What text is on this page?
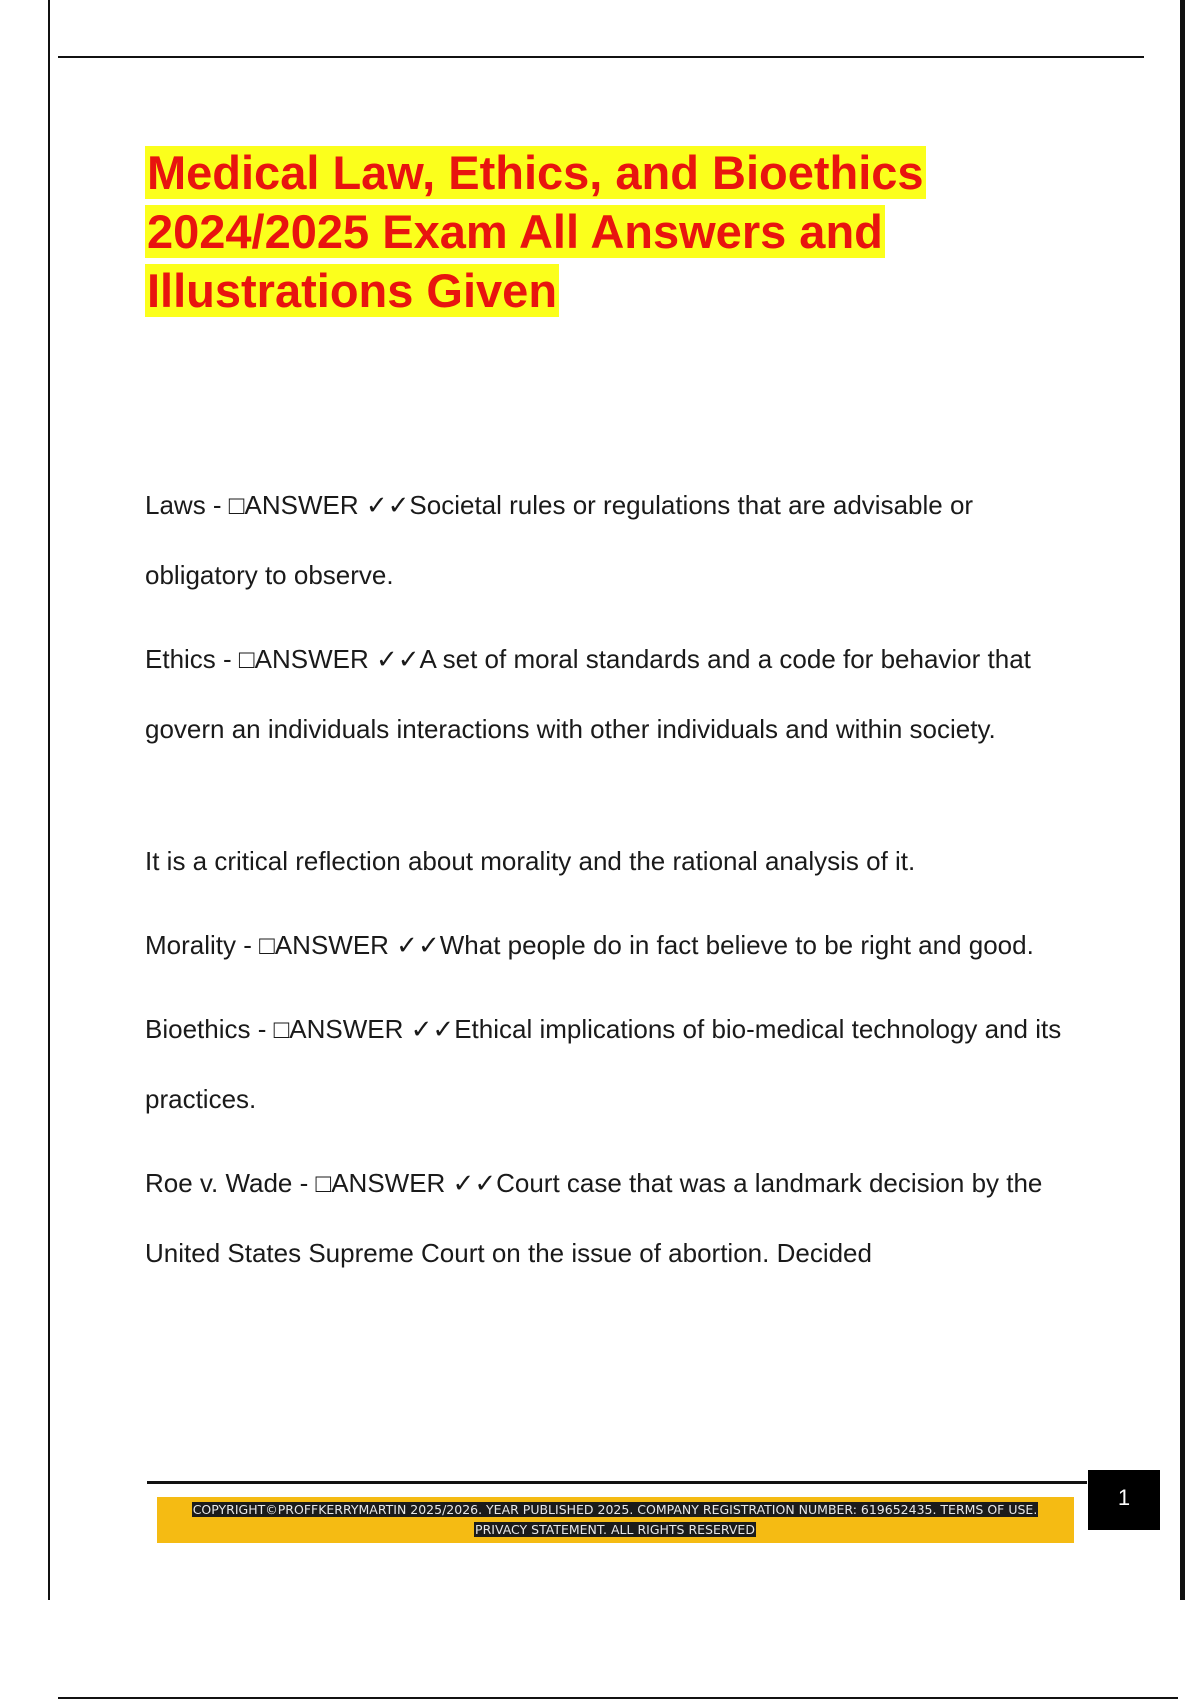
Medical Law, Ethics, and Bioethics 2024/2025 Exam All Answers and Illustrations Given

Laws - □ANSWER ✓✓Societal rules or regulations that are advisable or obligatory to observe.

Ethics - □ANSWER ✓✓A set of moral standards and a code for behavior that govern an individuals interactions with other individuals and within society.

It is a critical reflection about morality and the rational analysis of it.

Morality - □ANSWER ✓✓What people do in fact believe to be right and good.

Bioethics - □ANSWER ✓✓Ethical implications of bio-medical technology and its practices.

Roe v. Wade - □ANSWER ✓✓Court case that was a landmark decision by the United States Supreme Court on the issue of abortion. Decided

1
COPYRIGHT©PROFFKERRYMARTIN 2025/2026. YEAR PUBLISHED 2025. COMPANY REGISTRATION NUMBER: 619652435. TERMS OF USE. PRIVACY STATEMENT. ALL RIGHTS RESERVED
